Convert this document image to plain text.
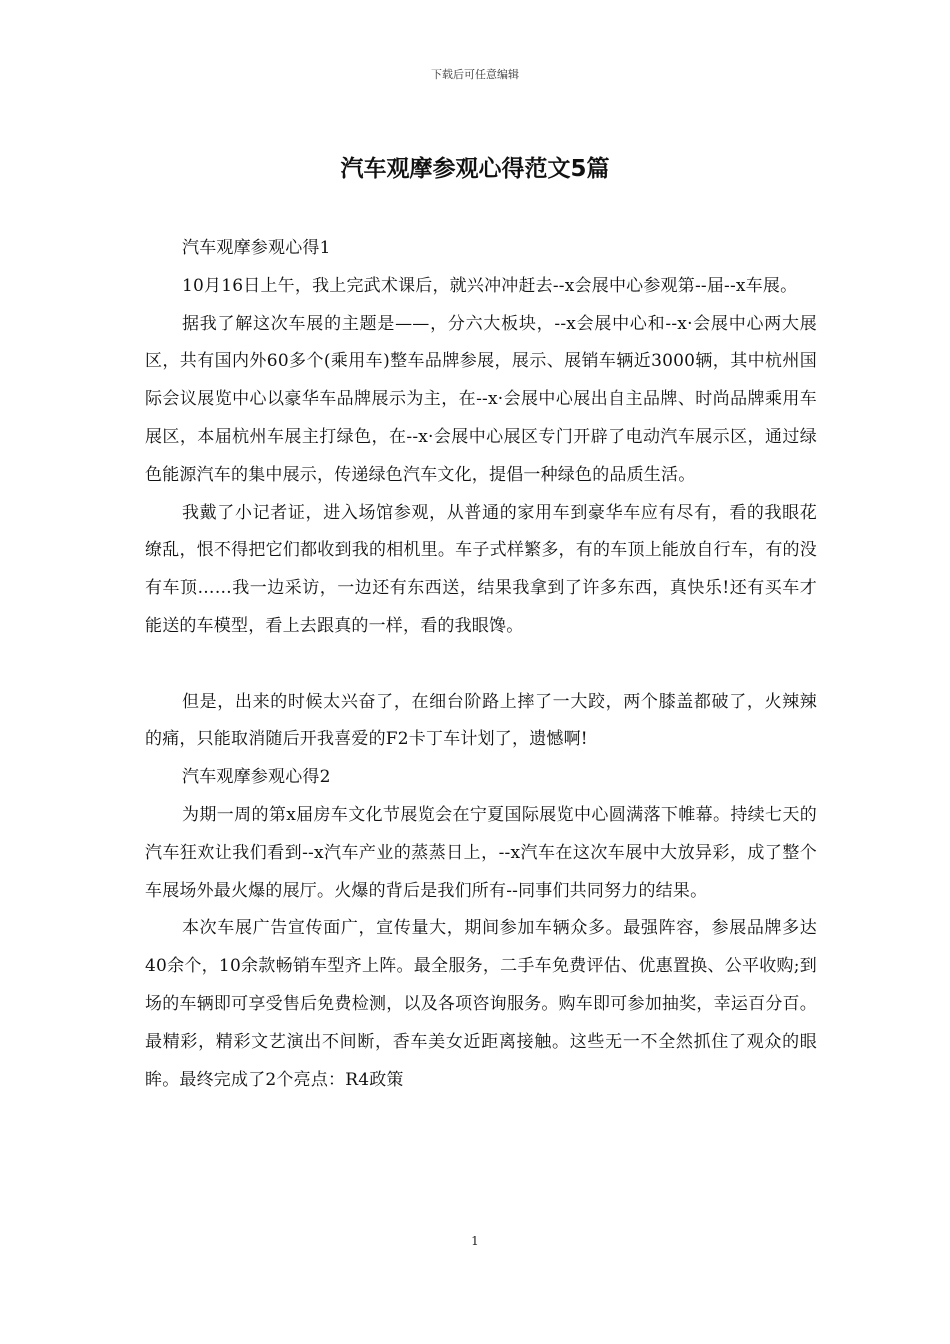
下载后可任意编辑
汽车观摩参观心得范文5篇

汽车观摩参观心得1

10月16日上午，我上完武术课后，就兴冲冲赶去--x会展中心参观第--届--x车展。

据我了解这次车展的主题是——，分六大板块，--x会展中心和--x·会展中心两大展区，共有国内外60多个(乘用车)整车品牌参展，展示、展销车辆近3000辆，其中杭州国际会议展览中心以豪华车品牌展示为主，在--x·会展中心展出自主品牌、时尚品牌乘用车展区，本届杭州车展主打绿色，在--x·会展中心展区专门开辟了电动汽车展示区，通过绿色能源汽车的集中展示，传递绿色汽车文化，提倡一种绿色的品质生活。

我戴了小记者证，进入场馆参观，从普通的家用车到豪华车应有尽有，看的我眼花缭乱，恨不得把它们都收到我的相机里。车子式样繁多，有的车顶上能放自行车，有的没有车顶……我一边采访，一边还有东西送，结果我拿到了许多东西，真快乐!还有买车才能送的车模型，看上去跟真的一样，看的我眼馋。

但是，出来的时候太兴奋了，在细台阶路上摔了一大跤，两个膝盖都破了，火辣辣的痛，只能取消随后开我喜爱的F2卡丁车计划了，遗憾啊!

汽车观摩参观心得2

为期一周的第x届房车文化节展览会在宁夏国际展览中心圆满落下帷幕。持续七天的汽车狂欢让我们看到--x汽车产业的蒸蒸日上，--x汽车在这次车展中大放异彩，成了整个车展场外最火爆的展厅。火爆的背后是我们所有--同事们共同努力的结果。

本次车展广告宣传面广，宣传量大，期间参加车辆众多。最强阵容，参展品牌多达40余个，10余款畅销车型齐上阵。最全服务，二手车免费评估、优惠置换、公平收购;到场的车辆即可享受售后免费检测，以及各项咨询服务。购车即可参加抽奖，幸运百分百。最精彩，精彩文艺演出不间断，香车美女近距离接触。这些无一不全然抓住了观众的眼眸。最终完成了2个亮点：R4政策

1
